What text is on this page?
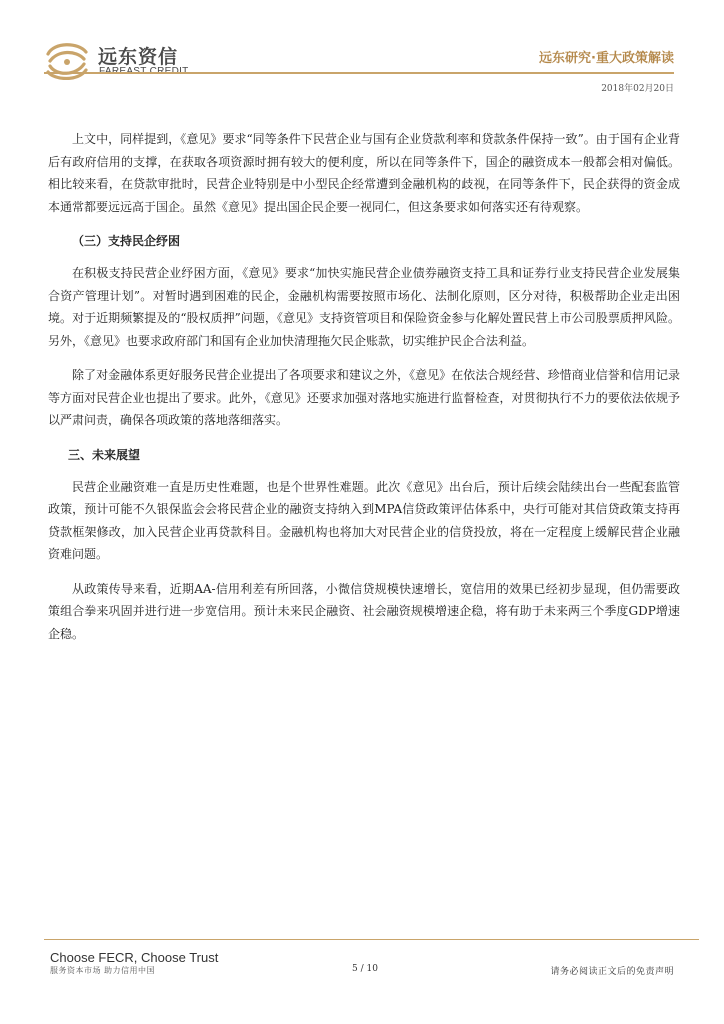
远东资信	远东研究·重大政策解读
2018年02月20日

上文中，同样提到，《意见》要求“同等条件下民营企业与国有企业贷款利率和贷款条件保持一致”。由于国有企业背后有政府信用的支撑，在获取各项资源时拥有较大的便利度，所以在同等条件下，国企的融资成本一般都会相对偏低。相比较来看，在贷款审批时，民营企业特别是中小型民企经常遭到金融机构的歧视，在同等条件下，民企获得的资金成本通常都要远远高于国企。虽然《意见》提出国企民企要一视同仁，但这条要求如何落实还有待观察。

（三）支持民企纾困

在积极支持民营企业纾困方面，《意见》要求“加快实施民营企业债券融资支持工具和证券行业支持民营企业发展集合资产管理计划”。对暂时遇到困难的民企，金融机构需要按照市场化、法制化原则，区分对待，积极帮助企业走出困境。对于近期频繁提及的“股权质押”问题，《意见》支持资管项目和保险资金参与化解处置民营上市公司股票质押风险。另外，《意见》也要求政府部门和国有企业加快清理拖欠民企账款，切实维护民企合法利益。

除了对金融体系更好服务民营企业提出了各项要求和建议之外，《意见》在依法合规经营、珍惜商业信誉和信用记录等方面对民营企业也提出了要求。此外，《意见》还要求加强对落地实施进行监督检查，对贯彻执行不力的要依法依规予以严肃问责，确保各项政策的落地落细落实。

三、未来展望

民营企业融资难一直是历史性难题，也是个世界性难题。此次《意见》出台后，预计后续会陆续出台一些配套监管政策，预计可能不久银保监会会将民营企业的融资支持纳入到MPA信贷政策评估体系中，央行可能对其信贷政策支持再贷款框架修改，加入民营企业再贷款科目。金融机构也将加大对民营企业的信贷投放，将在一定程度上缓解民营企业融资难问题。

从政策传导来看，近期AA-信用利差有所回落，小微信贷规模快速增长，宽信用的效果已经初步显现，但仍需要政策组合拳来巩固并进行进一步宽信用。预计未来民企融资、社会融资规模增速企稳，将有助于未来两三个季度GDP增速企稳。

Choose FECR, Choose Trust
服务资本市场 助力信用中国	5 / 10	请务必阅读正文后的免责声明
